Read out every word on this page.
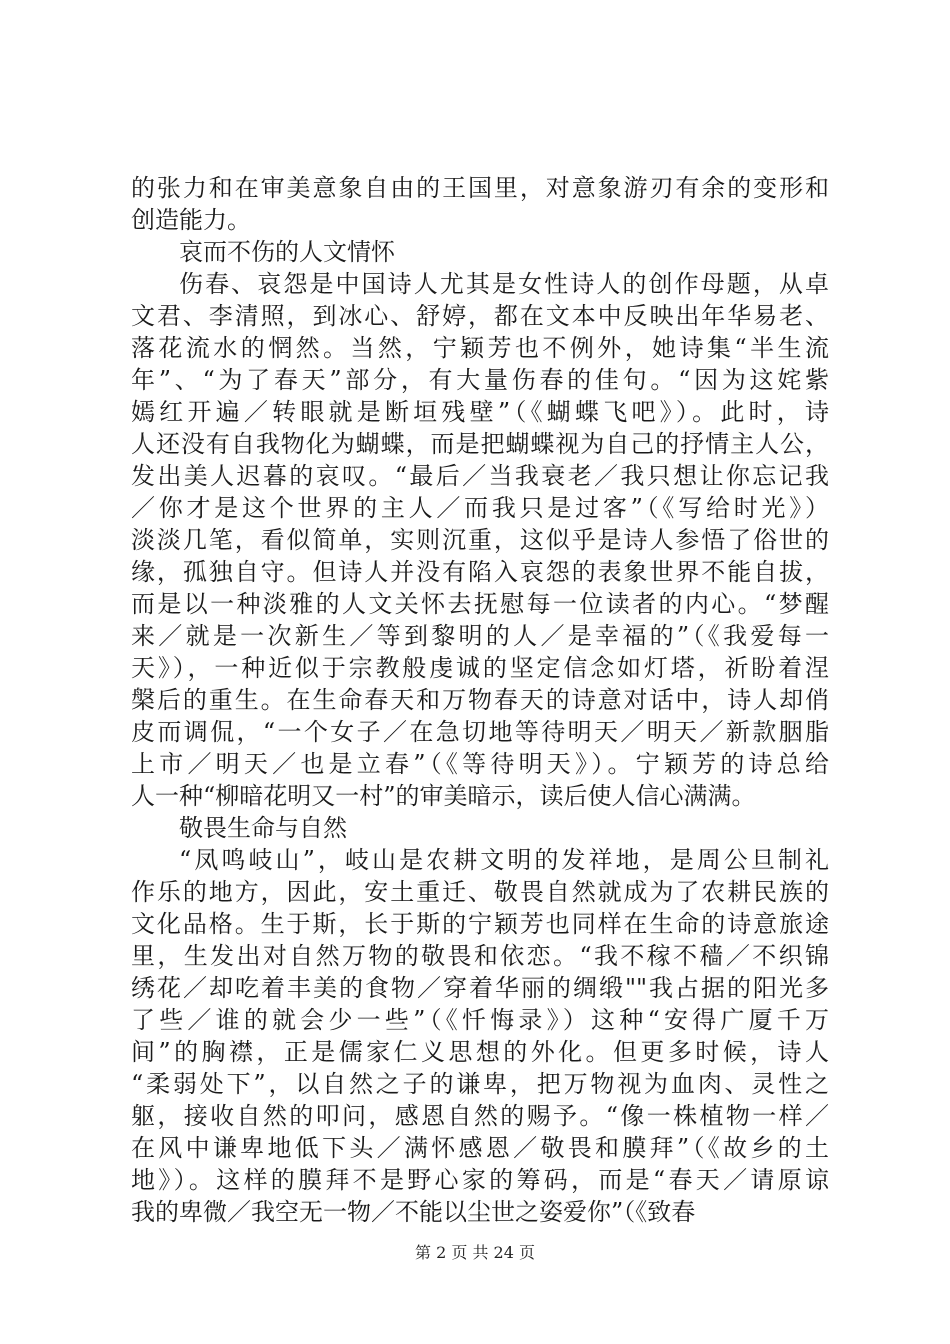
的张力和在审美意象自由的王国里，对意象游刃有余的变形和
创造能力。
哀而不伤的人文情怀
伤春、哀怨是中国诗人尤其是女性诗人的创作母题，从卓
文君、李清照，到冰心、舒婷，都在文本中反映出年华易老、
落花流水的惘然。当然，宁颖芳也不例外，她诗集“半生流
年”、“为了春天”部分，有大量伤春的佳句。“因为这姹紫
嫣红开遍／转眼就是断垣残壁”（《蝴蝶飞吧》）。此时，诗
人还没有自我物化为蝴蝶，而是把蝴蝶视为自己的抒情主人公，
发出美人迟暮的哀叹。“最后／当我衰老／我只想让你忘记我
／你才是这个世界的主人／而我只是过客”（《写给时光》）
淡淡几笔，看似简单，实则沉重，这似乎是诗人参悟了俗世的
缘，孤独自守。但诗人并没有陷入哀怨的表象世界不能自拔，
而是以一种淡雅的人文关怀去抚慰每一位读者的内心。“梦醒
来／就是一次新生／等到黎明的人／是幸福的”（《我爱每一
天》），一种近似于宗教般虔诚的坚定信念如灯塔，祈盼着涅
槃后的重生。在生命春天和万物春天的诗意对话中，诗人却俏
皮而调侃，“一个女子／在急切地等待明天／明天／新款胭脂
上市／明天／也是立春”（《等待明天》）。宁颖芳的诗总给
人一种“柳暗花明又一村”的审美暗示，读后使人信心满满。
敬畏生命与自然
“凤鸣岐山”，岐山是农耕文明的发祥地，是周公旦制礼
作乐的地方，因此，安土重迁、敬畏自然就成为了农耕民族的
文化品格。生于斯，长于斯的宁颖芳也同样在生命的诗意旅途
里，生发出对自然万物的敬畏和依恋。“我不稼不穑／不织锦
绣花／却吃着丰美的食物／穿着华丽的绸缎""我占据的阳光多
了些／谁的就会少一些”（《忏悔录》）这种“安得广厦千万
间”的胸襟，正是儒家仁义思想的外化。但更多时候，诗人
“柔弱处下”，以自然之子的谦卑，把万物视为血肉、灵性之
躯，接收自然的叩问，感恩自然的赐予。“像一株植物一样／
在风中谦卑地低下头／满怀感恩／敬畏和膜拜”（《故乡的土
地》）。这样的膜拜不是野心家的筹码，而是“春天／请原谅
我的卑微／我空无一物／不能以尘世之姿爱你”（《致春
第 2 页 共 24 页
